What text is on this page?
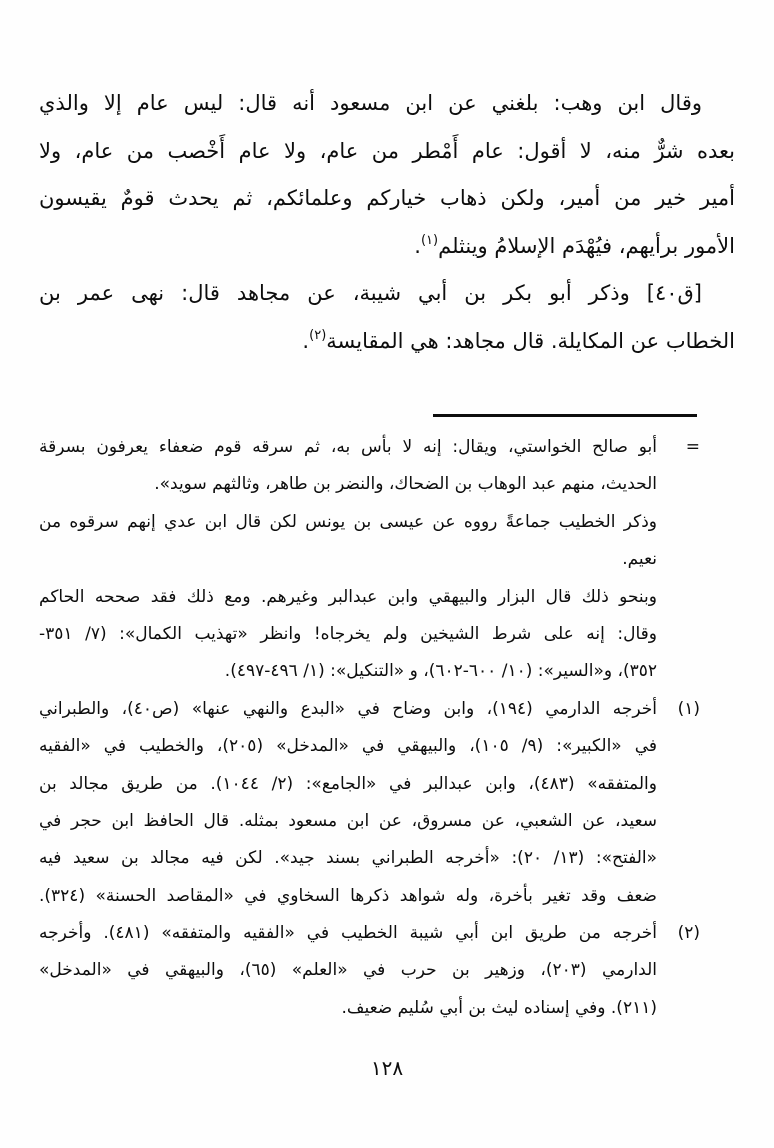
وقال ابن وهب: بلغني عن ابن مسعود أنه قال: ليس عام إلا والذي
بعده شرٌّ منه، لا أقول: عام أَمْطر من عام، ولا عام أَخْصب من عام، ولا
أمير خير من أمير، ولكن ذهاب خياركم وعلمائكم، ثم يحدث قومٌ يقيسون
الأمور برأيهم، فيُهْدَم الإسلامُ وينثلم$^{(١)}$.
[ق٤٠] وذكر أبو بكر بن أبي شيبة، عن مجاهد قال: نهى عمر بن
الخطاب عن المكايلة. قال مجاهد: هي المقايسة$^{(٢)}$.
=
أبو صالح الخواستي، ويقال: إنه لا بأس به، ثم سرقه قوم ضعفاء يعرفون بسرقة
الحديث، منهم عبد الوهاب بن الضحاك، والنضر بن طاهر، وثالثهم سويد».
وذكر الخطيب جماعةً رووه عن عيسى بن يونس لكن قال ابن عدي إنهم سرقوه من
نعيم.
وبنحو ذلك قال البزار والبيهقي وابن عبدالبر وغيرهم. ومع ذلك فقد صححه الحاكم
وقال: إنه على شرط الشيخين ولم يخرجاه! وانظر «تهذيب الكمال»: (٧/ ٣٥١-
٣٥٢)، و«السير»: (١٠/ ٦٠٠-٦٠٢)، و «التنكيل»: (١/ ٤٩٦-٤٩٧).
(١)
أخرجه الدارمي (١٩٤)، وابن وضاح في «البدع والنهي عنها» (ص٤٠)، والطبراني
في «الكبير»: (٩/ ١٠٥)، والبيهقي في «المدخل» (٢٠٥)، والخطيب في «الفقيه
والمتفقه» (٤٨٣)، وابن عبدالبر في «الجامع»: (٢/ ١٠٤٤). من طريق مجالد بن
سعيد، عن الشعبي، عن مسروق، عن ابن مسعود بمثله. قال الحافظ ابن حجر في
«الفتح»: (١٣/ ٢٠): «أخرجه الطبراني بسند جيد». لكن فيه مجالد بن سعيد فيه
ضعف وقد تغير بأخرة، وله شواهد ذكرها السخاوي في «المقاصد الحسنة» (٣٢٤).
(٢)
أخرجه من طريق ابن أبي شيبة الخطيب في «الفقيه والمتفقه» (٤٨١). وأخرجه
الدارمي (٢٠٣)، وزهير بن حرب في «العلم» (٦٥)، والبيهقي في «المدخل»
(٢١١). وفي إسناده ليث بن أبي سُليم ضعيف.
١٢٨
